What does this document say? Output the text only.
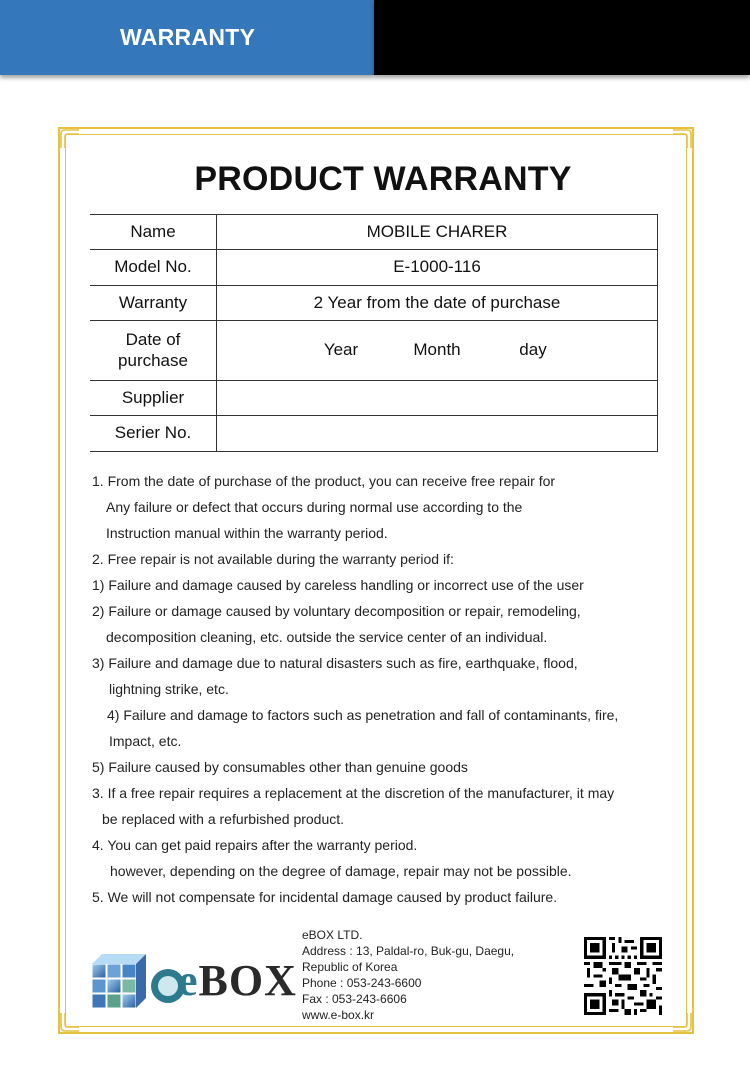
WARRANTY
PRODUCT WARRANTY
Name	MOBILE CHARER
Model No.	E-1000-116
Warranty	2 Year from the date of purchase

Date of
purchase	Year Month day
Supplier	
Serier No.	
1. From the date of purchase of the product, you can receive free repair for
Any failure or defect that occurs during normal use according to the
Instruction manual within the warranty period.
2. Free repair is not available during the warranty period if:
1) Failure and damage caused by careless handling or incorrect use of the user
2) Failure or damage caused by voluntary decomposition or repair, remodeling,
decomposition cleaning, etc. outside the service center of an individual.
3) Failure and damage due to natural disasters such as fire, earthquake, flood,
lightning strike, etc.
4) Failure and damage to factors such as penetration and fall of contaminants, fire,
Impact, etc.
5) Failure caused by consumables other than genuine goods
3. If a free repair requires a replacement at the discretion of the manufacturer, it may
be replaced with a refurbished product.
4. You can get paid repairs after the warranty period.
however, depending on the degree of damage, repair may not be possible.
5. We will not compensate for incidental damage caused by product failure.
eBOX
eBOX LTD.
Address : 13, Paldal-ro, Buk-gu, Daegu,
Republic of Korea
Phone : 053-243-6600
Fax : 053-243-6606
www.e-box.kr
